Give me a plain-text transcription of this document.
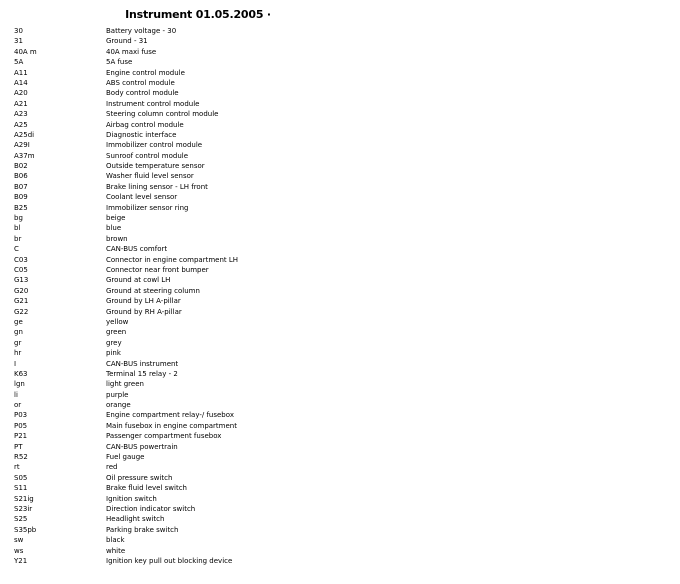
Instrument 01.05.2005 ·
30	Battery voltage - 30
31	Ground - 31
40A m	40A maxi fuse
5A	5A fuse
A11	Engine control module
A14	ABS control module
A20	Body control module
A21	Instrument control module
A23	Steering column control module
A25	Airbag control module
A25di	Diagnostic interface
A29I	Immobilizer control module
A37m	Sunroof control module
B02	Outside temperature sensor
B06	Washer fluid level sensor
B07	Brake lining sensor - LH front
B09	Coolant level sensor
B25	Immobilizer sensor ring
bg	beige
bl	blue
br	brown
C	CAN-BUS comfort
C03	Connector in engine compartment LH
C05	Connector near front bumper
G13	Ground at cowl LH
G20	Ground at steering column
G21	Ground by LH A-pillar
G22	Ground by RH A-pillar
ge	yellow
gn	green
gr	grey
hr	pink
I	CAN-BUS instrument
K63	Terminal 15 relay - 2
lgn	light green
li	purple
or	orange
P03	Engine compartment relay-/ fusebox
P05	Main fusebox in engine compartment
P21	Passenger compartment fusebox
PT	CAN-BUS powertrain
R52	Fuel gauge
rt	red
S05	Oil pressure switch
S11	Brake fluid level switch
S21ig	Ignition switch
S23ir	Direction indicator switch
S25	Headlight switch
S35pb	Parking brake switch
sw	black
ws	white
Y21	Ignition key pull out blocking device
